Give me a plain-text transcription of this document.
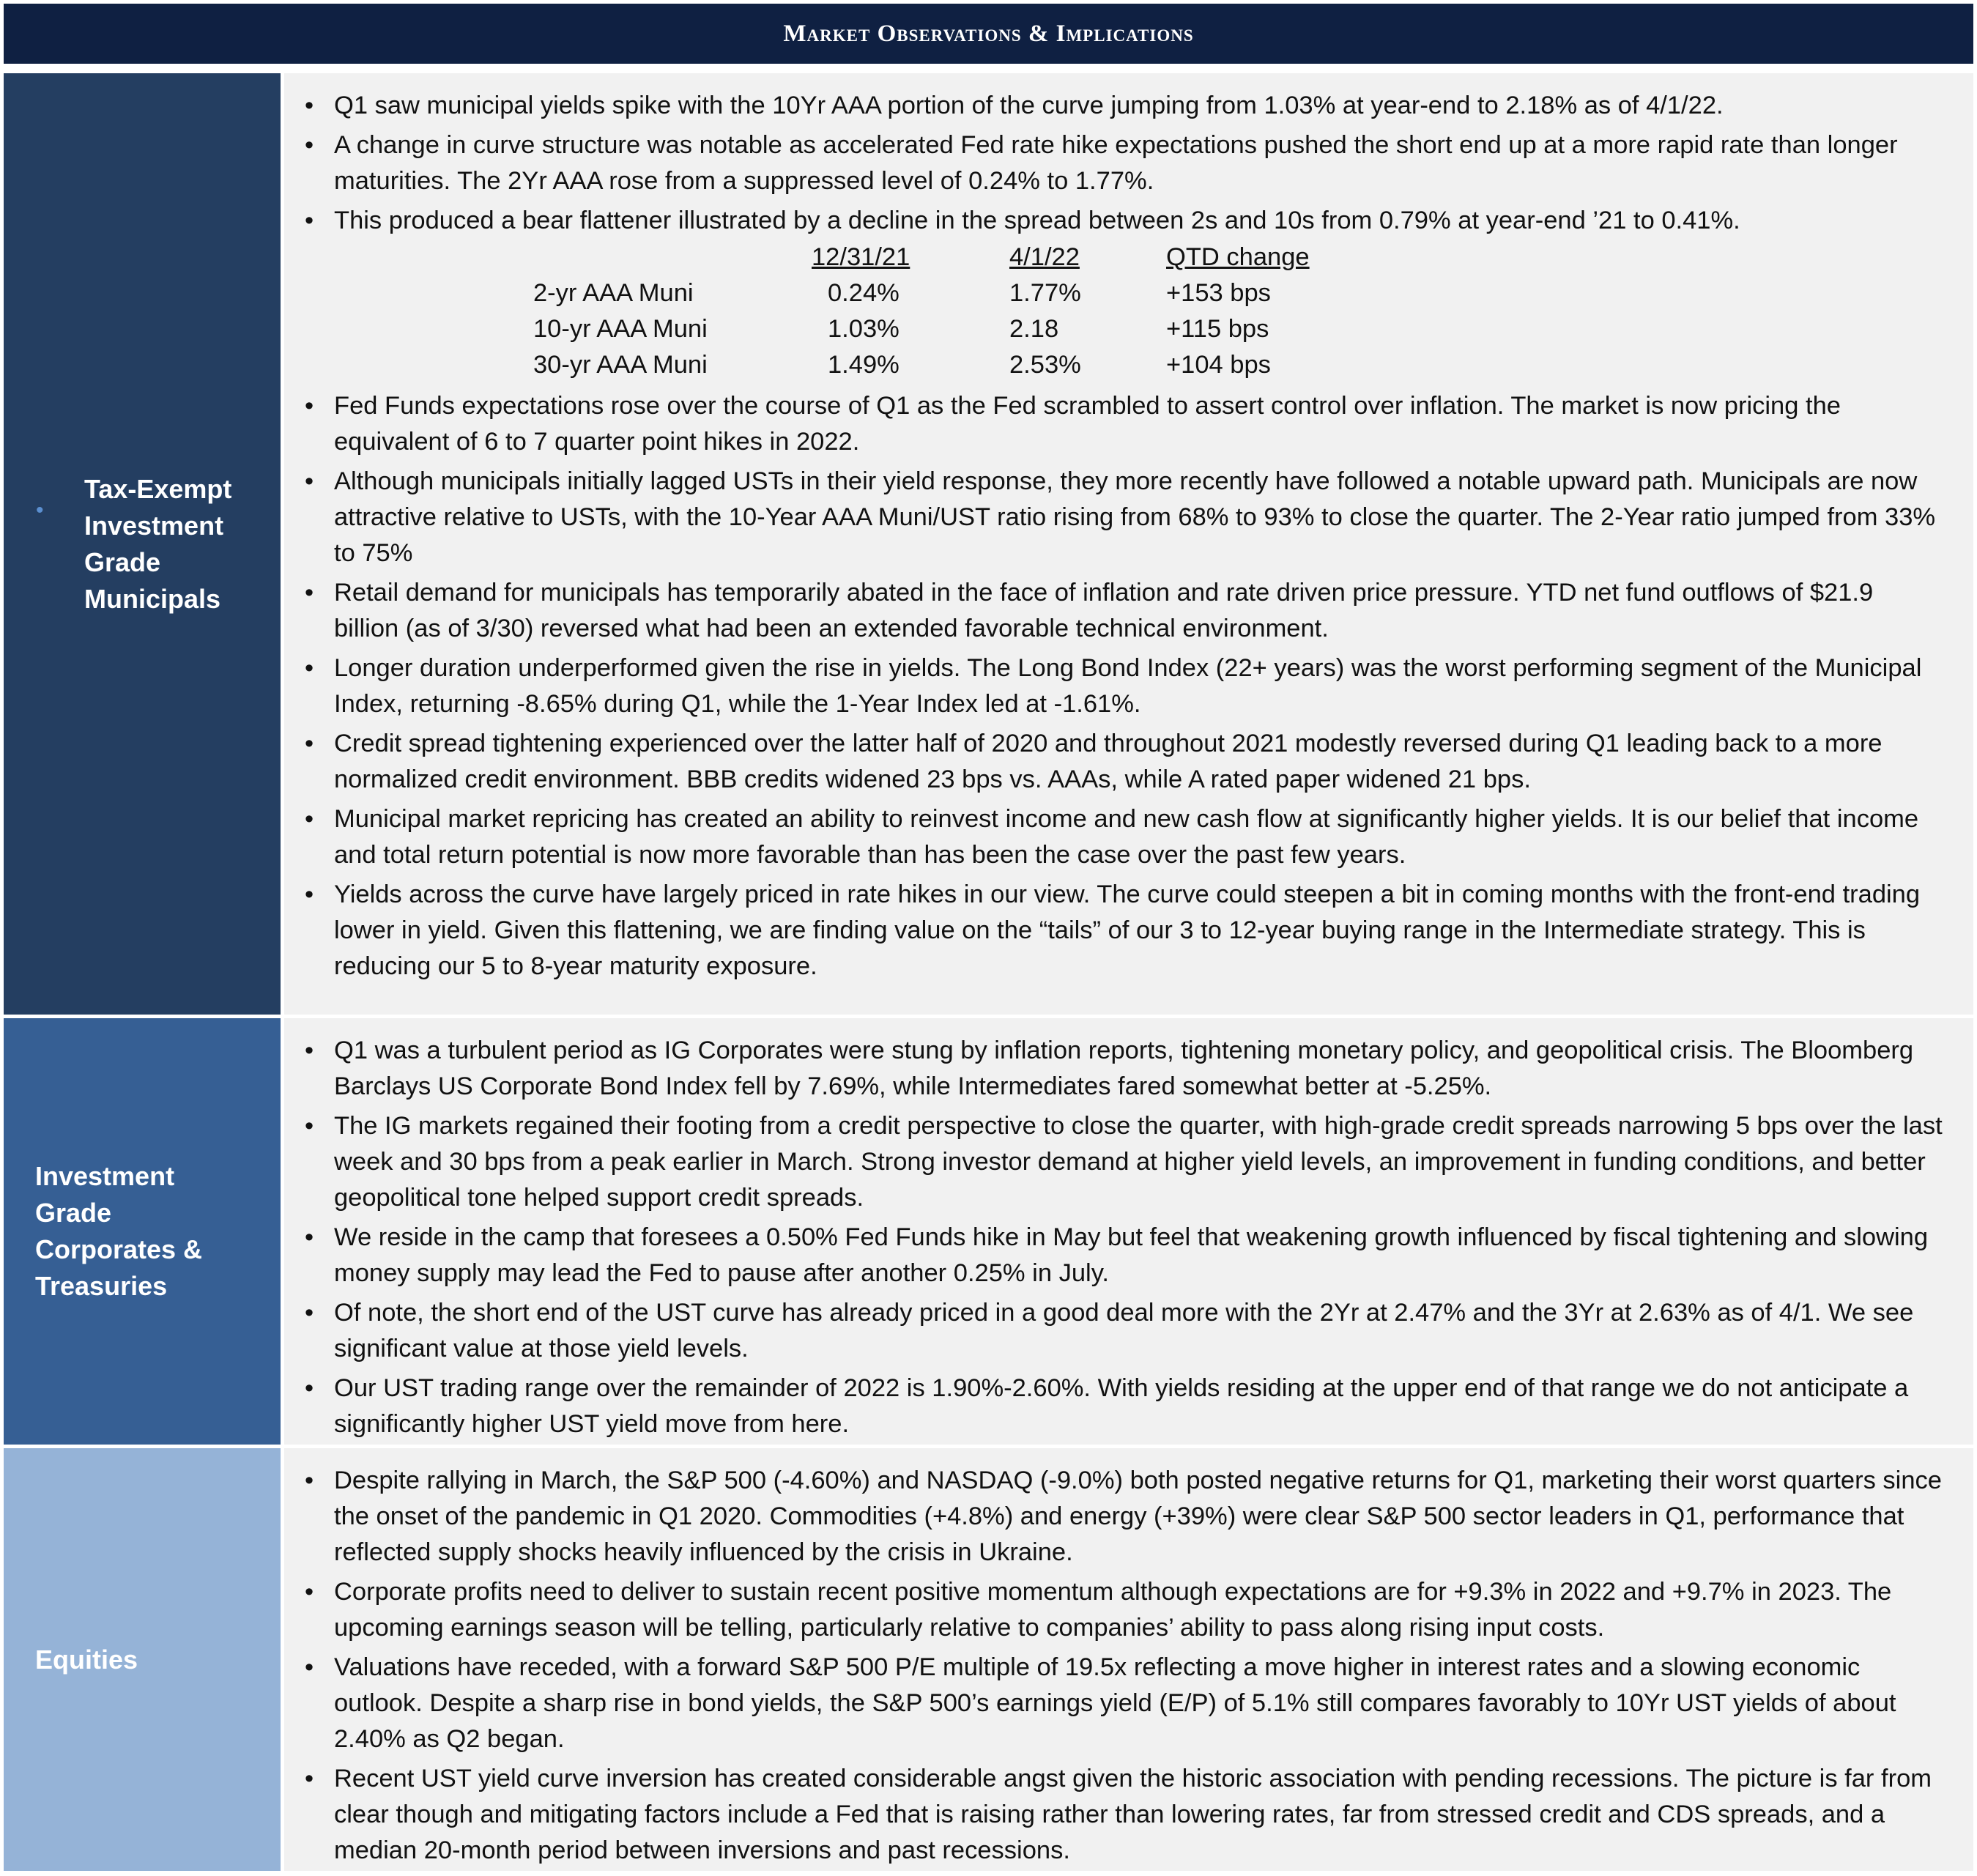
Market Observations & Implications
•
Tax-Exempt Investment Grade Municipals
• Q1 saw municipal yields spike with the 10Yr AAA portion of the curve jumping from 1.03% at year-end to 2.18% as of 4/1/22.
• A change in curve structure was notable as accelerated Fed rate hike expectations pushed the short end up at a more rapid rate than longer maturities. The 2Yr AAA rose from a suppressed level of 0.24% to 1.77%.
• This produced a bear flattener illustrated by a decline in the spread between 2s and 10s from 0.79% at year-end ’21 to 0.41%.
	12/31/21	4/1/22	QTD change
2-yr AAA Muni	0.24%	1.77%	+153 bps
10-yr AAA Muni	1.03%	2.18	+115 bps
30-yr AAA Muni	1.49%	2.53%	+104 bps
• Fed Funds expectations rose over the course of Q1 as the Fed scrambled to assert control over inflation. The market is now pricing the equivalent of 6 to 7 quarter point hikes in 2022.
• Although municipals initially lagged USTs in their yield response, they more recently have followed a notable upward path. Municipals are now attractive relative to USTs, with the 10-Year AAA Muni/UST ratio rising from 68% to 93% to close the quarter. The 2-Year ratio jumped from 33% to 75%
• Retail demand for municipals has temporarily abated in the face of inflation and rate driven price pressure. YTD net fund outflows of $21.9 billion (as of 3/30) reversed what had been an extended favorable technical environment.
• Longer duration underperformed given the rise in yields. The Long Bond Index (22+ years) was the worst performing segment of the Municipal Index, returning -8.65% during Q1, while the 1-Year Index led at -1.61%.
• Credit spread tightening experienced over the latter half of 2020 and throughout 2021 modestly reversed during Q1 leading back to a more normalized credit environment. BBB credits widened 23 bps vs. AAAs, while A rated paper widened 21 bps.
• Municipal market repricing has created an ability to reinvest income and new cash flow at significantly higher yields. It is our belief that income and total return potential is now more favorable than has been the case over the past few years.
• Yields across the curve have largely priced in rate hikes in our view. The curve could steepen a bit in coming months with the front-end trading lower in yield. Given this flattening, we are finding value on the “tails” of our 3 to 12-year buying range in the Intermediate strategy. This is reducing our 5 to 8-year maturity exposure.
Investment Grade Corporates & Treasuries
• Q1 was a turbulent period as IG Corporates were stung by inflation reports, tightening monetary policy, and geopolitical crisis. The Bloomberg Barclays US Corporate Bond Index fell by 7.69%, while Intermediates fared somewhat better at -5.25%.
• The IG markets regained their footing from a credit perspective to close the quarter, with high-grade credit spreads narrowing 5 bps over the last week and 30 bps from a peak earlier in March. Strong investor demand at higher yield levels, an improvement in funding conditions, and better geopolitical tone helped support credit spreads.
• We reside in the camp that foresees a 0.50% Fed Funds hike in May but feel that weakening growth influenced by fiscal tightening and slowing money supply may lead the Fed to pause after another 0.25% in July.
• Of note, the short end of the UST curve has already priced in a good deal more with the 2Yr at 2.47% and the 3Yr at 2.63% as of 4/1. We see significant value at those yield levels.
• Our UST trading range over the remainder of 2022 is 1.90%-2.60%. With yields residing at the upper end of that range we do not anticipate a significantly higher UST yield move from here.
Equities
• Despite rallying in March, the S&P 500 (-4.60%) and NASDAQ (-9.0%) both posted negative returns for Q1, marketing their worst quarters since the onset of the pandemic in Q1 2020. Commodities (+4.8%) and energy (+39%) were clear S&P 500 sector leaders in Q1, performance that reflected supply shocks heavily influenced by the crisis in Ukraine.
• Corporate profits need to deliver to sustain recent positive momentum although expectations are for +9.3% in 2022 and +9.7% in 2023. The upcoming earnings season will be telling, particularly relative to companies’ ability to pass along rising input costs.
• Valuations have receded, with a forward S&P 500 P/E multiple of 19.5x reflecting a move higher in interest rates and a slowing economic outlook. Despite a sharp rise in bond yields, the S&P 500’s earnings yield (E/P) of 5.1% still compares favorably to 10Yr UST yields of about 2.40% as Q2 began.
• Recent UST yield curve inversion has created considerable angst given the historic association with pending recessions. The picture is far from clear though and mitigating factors include a Fed that is raising rather than lowering rates, far from stressed credit and CDS spreads, and a median 20-month period between inversions and past recessions.
